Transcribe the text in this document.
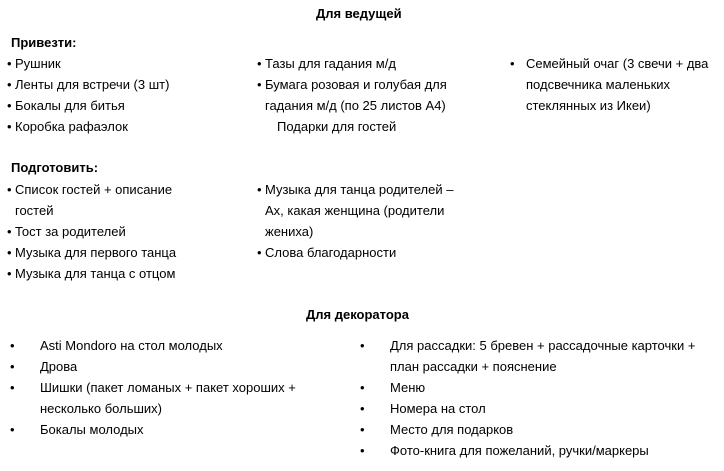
Для ведущей
Привезти:
• Рушник
• Ленты для встречи (3 шт)
• Бокалы для битья
• Коробка рафаэлок
• Тазы для гадания м/д
• Бумага розовая и голубая для гадания м/д (по 25 листов А4)
Подарки для гостей
• Семейный очаг (3 свечи + два подсвечника маленьких стеклянных из Икеи)
Подготовить:
• Список гостей + описание гостей
• Тост за родителей
• Музыка для первого танца
• Музыка для танца с отцом
• Музыка для танца родителей – Ах, какая женщина (родители жениха)
• Слова благодарности
Для декоратора
•	Asti Mondoro на стол молодых
•	Дрова
•	Шишки (пакет ломаных + пакет хороших + несколько больших)
•	Бокалы молодых
•	Для рассадки: 5 бревен + рассадочные карточки + план рассадки + пояснение
•	Меню
•	Номера на стол
•	Место для подарков
•	Фото-книга для пожеланий, ручки/маркеры
